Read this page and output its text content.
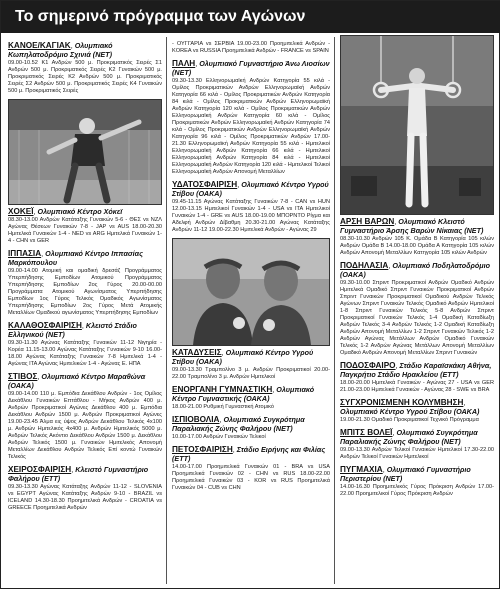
Το σημερινό πρόγραμμα των Αγώνων
ΚΑΝΟΕ/ΚΑΓΙΑΚ, Ολυμπιακό Κωπηλατοδρόμιο Σχινιά (ΝΕΤ)
09.00-10.52 Κ1 Ανδρών 500 μ. Προκριματικός Σειρές Σ1 Ανδρών 500 μ. Προκριματικός Σειρές Κ2 Γυναικών 500 μ. Προκριματικός Σειρές Κ2 Ανδρών 500 μ. Προκριματικός Σειρές Σ2 Ανδρών 500 μ. Προκριματικός Σειρές Κ4 Γυναικών 500 μ. Προκριματικός Σειρές
ΧΟΚΕΪ, Ολυμπιακό Κέντρο Χόκεϊ
08.30-13.00 Ανδρών Κατάταξης Γυναικών 5-6 - ΘΕΣ vs ΝΖΛ Αγώνας Θέσεων Γυναικών 7-8 - JAP vs AUS 18.00-20.30 Ημιτελικά Γυναικών 1-4 - NED vs ARG Ημιτελικά Γυναικών 1-4 - CHN vs GER
ΙΠΠΑΣΙΑ, Ολυμπιακό Κέντρο Ιππασίας Μαρκόπουλου
09.00-14.00 Ατομική και ομαδική δρεσάζ Προγράμματος Υπερπήδησης Εμποδίων Ατομικού Προγράμματος Υπερπήδησης Εμποδίων 2ος Γύρος 20.00-00.00 Προγράμματα Ατομικού Αγωνίσματος Υπερπήδησης Εμποδίων 1ος Γύρος Τελικός Ομαδικός Αγωνίσματος Υπερπήδησης Εμποδίων 2ος Γύρος Μετά Ατομικής Μεταλλίων Ομαδικού αγωνίσματος Υπερπήδησης Εμποδίων
ΚΑΛΑΘΟΣΦΑΙΡΙΣΗ, Κλειστό Στάδιο Ελληνικού (ΝΕΤ)
09.30-11.30 Αγώνας Κατάταξης Γυναικών 11-12 Νιγηρία - Κορέα 11.15-13.00 Αγώνας Κατάταξης Γυναικών 9-10 16.00-18.00 Αγώνας Κατάταξης Γυναικών 7-8 Ημιτελικά 1-4 - Αγώνας ΙΤΑ Αγώνας Ημιτελικών 1-4 - Αγώνας Ε. ΗΠΑ
ΣΤΙΒΟΣ, Ολυμπιακό Κέντρο Μαραθώνα (ΟΑΚΑ)
09.00-14.00 110 μ. Εμπόδια Δεκάθλου Ανδρών - 1ος Ομίλος Δεκάθλου Γυναικών Επτάθλου - Μήκος Ανδρών 400 μ. Ανδρών Προκριματικοί Αγώνες Δεκάθλου 400 μ. Εμπόδια Δεκάθλου Ανδρών 1500 μ. Ανδρών Προκριματικοί Αγώνες 19.00-23.45 Άλμα εις ύψος Ανδρών Δεκάθλου Τελικός 4x100 μ. Ανδρών Ημιτελικός 4x400 μ. Ανδρών Ημιτελικός 5000 μ. Ανδρών Τελικός Ακόντιο Δεκάθλου Ανδρών 1500 μ. Δεκάθλου Ανδρών Τελικός 1500 μ. Γυναικών Ημιτελικός Απονομή Μεταλλίων Δεκάθλου Ανδρών Τελικός Επί κοντώ Γυναικών Τελικός
ΧΕΙΡΟΣΦΑΙΡΙΣΗ, Κλειστό Γυμναστήριο Φαλήρου (ΕΤΤ)
09.30-13.30 Αγώνας Κατάταξης Ανδρών 11-12 - SLOVENIA vs EGYPT Αγώνας Κατάταξης Ανδρών 9-10 - BRAZIL vs ICELAND 14.30-18.30 Προημιτελικά Ανδρών - CROATIA vs GREECE Προημιτελικά Ανδρών
- ΟΥΓΓΑΡΙΑ vs ΣΕΡΒΙΑ 19.00-23.00 Προημιτελικά Ανδρών - KOREA vs RUSSIA Προημιτελικά Ανδρών - FRANCE vs SPAIN
ΠΑΛΗ, Ολυμπιακό Γυμναστήριο Άνω Λιοσίων (ΝΕΤ)
09.30-13.30 Ελληνορωμαϊκή Ανδρών Κατηγορία 55 κιλά - Ομίλος Προκριματικών Ανδρών Ελληνορωμαϊκή Ανδρών Κατηγορία 66 κιλά - Ομίλος Προκριματικών Ανδρών Κατηγορία 84 κιλά - Ομίλος Προκριματικών Ανδρών Ελληνορωμαϊκή Ανδρών Κατηγορία 120 κιλά - Ομίλος Προκριματικών Ανδρών Ελληνορωμαϊκή Ανδρών Κατηγορία 60 κιλά - Ομίλος Προκριματικών Ανδρών Ελληνορωμαϊκή Ανδρών Κατηγορία 74 κιλά - Ομίλος Προκριματικών Ανδρών Ελληνορωμαϊκή Ανδρών Κατηγορία 96 κιλά - Ομίλος Προκριματικών Ανδρών 17.00-21.30 Ελληνορωμαϊκή Ανδρών Κατηγορία 55 κιλά - Ημιτελικοί Ελληνορωμαϊκή Ανδρών Κατηγορία 66 κιλά - Ημιτελικοί Ελληνορωμαϊκή Ανδρών Κατηγορία 84 κιλά - Ημιτελικοί Ελληνορωμαϊκή Ανδρών Κατηγορία 120 κιλά - Ημιτελικοί Τελικοί Ελληνορωμαϊκή Ανδρών Απονομή Μεταλλίων
ΥΔΑΤΟΣΦΑΙΡΙΣΗ, Ολυμπιακό Κέντρο Υγρού Στίβου (ΟΑΚΑ)
09.45-11.15 Αγώνας Κατάταξης Γυναικών 7-8 - CAN vs HUN 12.00-13.15 Ημιτελικοί Γυναικών 1-4 - USA vs ITA Ημιτελικοί Γυναικών 1-4 - GRE vs AUS 18.00-19.00 ΜΠΟΡΝΤΟ Ρίγμα και Αδελφή Ανδρών Δίβαθμη 20.30-21.00 Αγώνας Κατάταξης Ανδρών 11-12 19.00-22.30 Ημιτελικά Ανδρών - Αγώνας 29
ΚΑΤΑΔΥΣΕΙΣ, Ολυμπιακό Κέντρο Υγρού Στίβου (ΟΑΚΑ)
09.00-13.30 Τραμπολίνο 3 μ. Ανδρών Προκριματικοί 20.00-22.00 Τραμπολίνο 3 μ. Ανδρών Ημιτελικοί
ΕΝΟΡΓΑΝΗ ΓΥΜΝΑΣΤΙΚΗ, Ολυμπιακό Κέντρο Γυμναστικής (ΟΑΚΑ)
18.00-21.00 Ρυθμική Γυμναστική Ατομικό
ΙΣΠΙΟΒΟΛΙΑ, Ολυμπιακό Συγκρότημα Παραλιακής Ζώνης Φαλήρου (ΝΕΤ)
10.00-17.00 Ανδρών Γυναικών Τελικοί
ΠΕΤΟΣΦΑΙΡΙΣΗ, Στάδιο Ειρήνης και Φιλίας (ΕΤΤ)
14.00-17.00 Προημιτελικά Γυναικών 01 - BRA vs USA Προημιτελικά Γυναικών 02 - CHN vs RUS 18.00-22.00 Προημιτελικά Γυναικών 03 - KOR vs RUS Προημιτελικά Γυναικών 04 - CUB vs CHN
ΑΡΣΗ ΒΑΡΩΝ, Ολυμπιακό Κλειστό Γυμναστήριο Άρσης Βαρών Νίκαιας (ΝΕΤ)
08.30-10.30 Ανδρών 105 Κ. Ομάδα Β Κατηγορία 105 κιλών Ανδρών Ομάδα Β 14.00-18.00 Ομάδα Α Κατηγορία 105 κιλών Ανδρών Απονομή Μεταλλίων Κατηγορία 105 κιλών Ανδρών
ΠΟΔΗΛΑΣΙΑ, Ολυμπιακό Ποδηλατοδρόμιο (ΟΑΚΑ)
09.30-10.00 Σπριντ Προκριματικοί Ανδρών Ομαδικό Ανδρών Ημιτελικά Ομαδικό Σπριντ Γυναικών Προκριματικοί Ανδρών Σπριντ Γυναικών Προκριματικοί Ομαδικού Ανδρών Τελικός Αγώνων Σπριντ Γυναικών Τελικός Ομαδικό Ανδρών Ημιτελικοί 1-8 Σπριντ Γυναικών Τελικός 5-8 Ανδρών Σπριντ Προκριματικοί Γυναικών Τελικός 1-4 Ομαδική Καταδίωξη Ανδρών Τελικός 3-4 Ανδρών Τελικός 1-2 Ομαδική Καταδίωξη Ανδρών Απονομή Μεταλλίων 1-2 Σπριντ Γυναικών Τελικός 1-2 Ανδρών Αγώνας Μετάλλων Ανδρών Ομαδικό Γυναικών Τελικός 1-2 Ανδρών Αγώνας Μετάλλων Απονομή Μεταλλίων Ομαδικό Ανδρών Απονομή Μεταλλίων Σπριντ Γυναικών
ΠΟΔΟΣΦΑΙΡΟ, Στάδιο Καραϊσκάκη Αθήνα, Παγκρήτιο Στάδιο Ηρακλείου (ΕΤΤ)
18.00-20.00 Ημιτελικά Γυναικών - Αγώνας 27 - USA vs GER 21.00-23.00 Ημιτελικά Γυναικών - Αγώνας 28 - SWE vs BRA
ΣΥΓΧΡΟΝΙΣΜΕΝΗ ΚΟΛΥΜΒΗΣΗ, Ολυμπιακό Κέντρο Υγρού Στίβου (ΟΑΚΑ)
19.00-21.30 Ομαδικό Προκριματικοί Τεχνικό Πρόγραμμα
ΜΠΙΤΣ ΒΟΛΕΪ, Ολυμπιακό Συγκρότημα Παραλιακής Ζώνης Φαλήρου (ΝΕΤ)
09.00-13.30 Ανδρών Τελικοί Γυναικών Ημιτελικοί 17.30-22.00 Ανδρών Τελικοί Γυναικών Ημιτελικοί
ΠΥΓΜΑΧΙΑ, Ολυμπιακό Γυμναστήριο Περιστερίου (ΝΕΤ)
14.00-16.30 Προημιτελικός Γύρος Πρόκριση Ανδρών 17.00-22.00 Προημιτελικοί Γύρος Πρόκριση Ανδρών
